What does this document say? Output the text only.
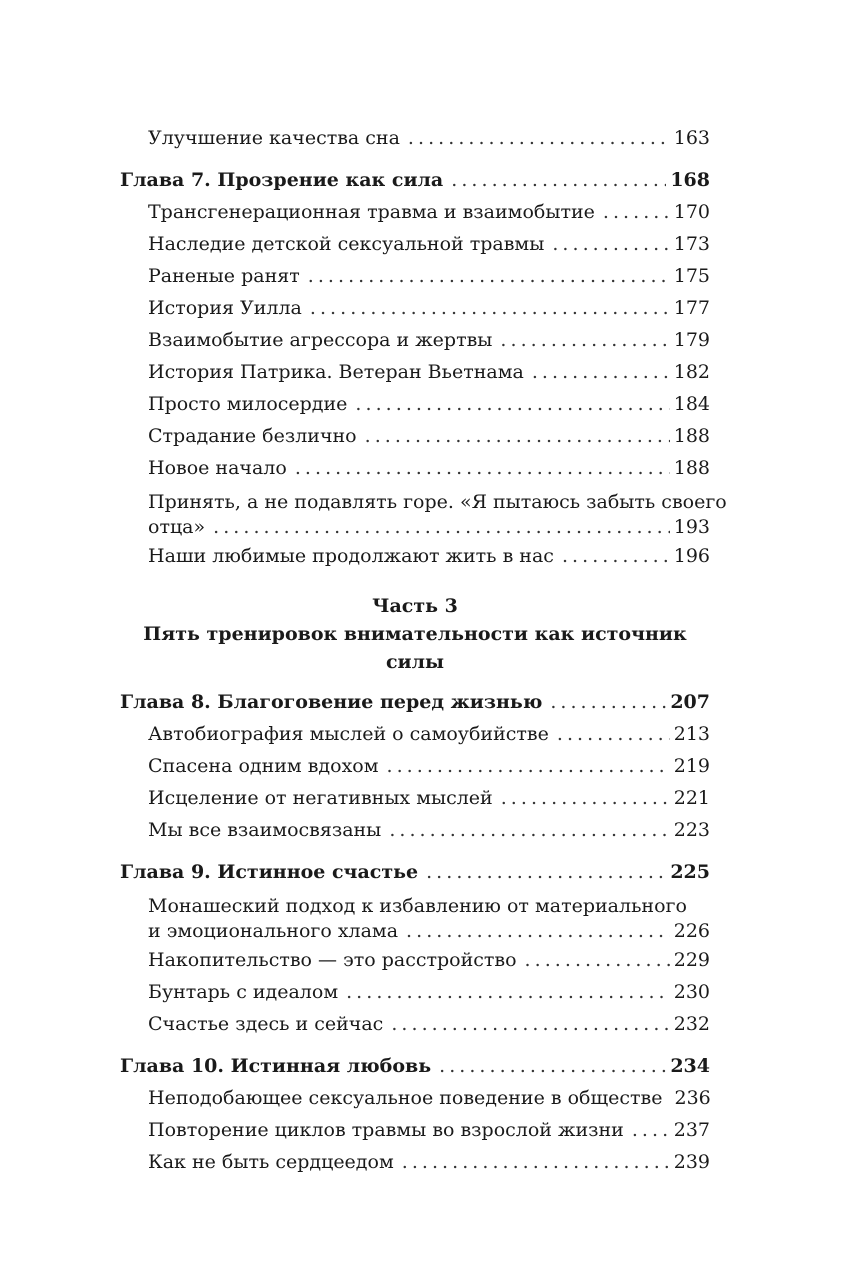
Улучшение качества сна . . .	163
Глава 7. Прозрение как сила . . .	168
Трансгенерационная травма и взаимобытие . . .	170
Наследие детской сексуальной травмы . . .	173
Раненые ранят . . .	175
История Уилла . . .	177
Взаимобытие агрессора и жертвы . . .	179
История Патрика. Ветеран Вьетнама . . .	182
Просто милосердие . . .	184
Страдание безлично . . .	188
Новое начало . . .	188
Принять, а не подавлять горе. «Я пытаюсь забыть своего
отца» . . .	193
Наши любимые продолжают жить в нас . . .	196
Часть 3
Пять тренировок внимательности как источник силы
Глава 8. Благоговение перед жизнью . . .	207
Автобиография мыслей о самоубийстве . . .	213
Спасена одним вдохом . . .	219
Исцеление от негативных мыслей . . .	221
Мы все взаимосвязаны . . .	223
Глава 9. Истинное счастье . . .	225
Монашеский подход к избавлению от материального
и эмоционального хлама . . .	226
Накопительство — это расстройство . . .	229
Бунтарь с идеалом . . .	230
Счастье здесь и сейчас . . .	232
Глава 10. Истинная любовь . . .	234
Неподобающее сексуальное поведение в обществе 236
Повторение циклов травмы во взрослой жизни . . .	237
Как не быть сердцеедом . . .	239
